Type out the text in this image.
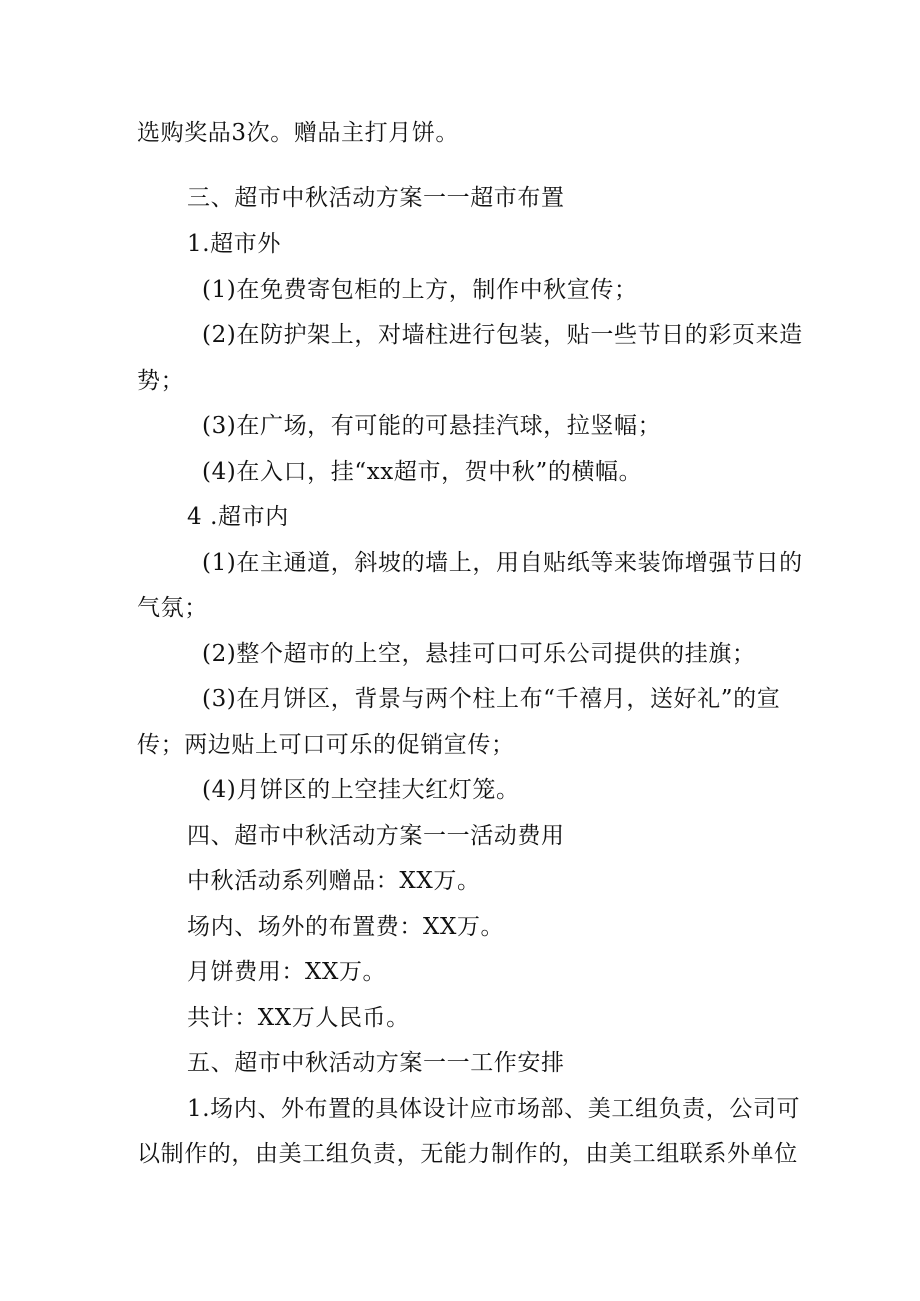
选购奖品3次。赠品主打月饼。
三、超市中秋活动方案一一超市布置
1.超市外
(1)在免费寄包柜的上方，制作中秋宣传；
(2)在防护架上，对墙柱进行包装，贴一些节日的彩页来造
势；
(3)在广场，有可能的可悬挂汽球，拉竖幅；
(4)在入口，挂“xx超市，贺中秋”的横幅。
4 .超市内
(1)在主通道，斜坡的墙上，用自贴纸等来装饰增强节日的
气氛；
(2)整个超市的上空，悬挂可口可乐公司提供的挂旗；
(3)在月饼区，背景与两个柱上布“千禧月，送好礼”的宣
传；两边贴上可口可乐的促销宣传；
(4)月饼区的上空挂大红灯笼。
四、超市中秋活动方案一一活动费用
中秋活动系列赠品：XX万。
场内、场外的布置费：XX万。
月饼费用：XX万。
共计：XX万人民币。
五、超市中秋活动方案一一工作安排
1.场内、外布置的具体设计应市场部、美工组负责，公司可
以制作的，由美工组负责，无能力制作的，由美工组联系外单位
